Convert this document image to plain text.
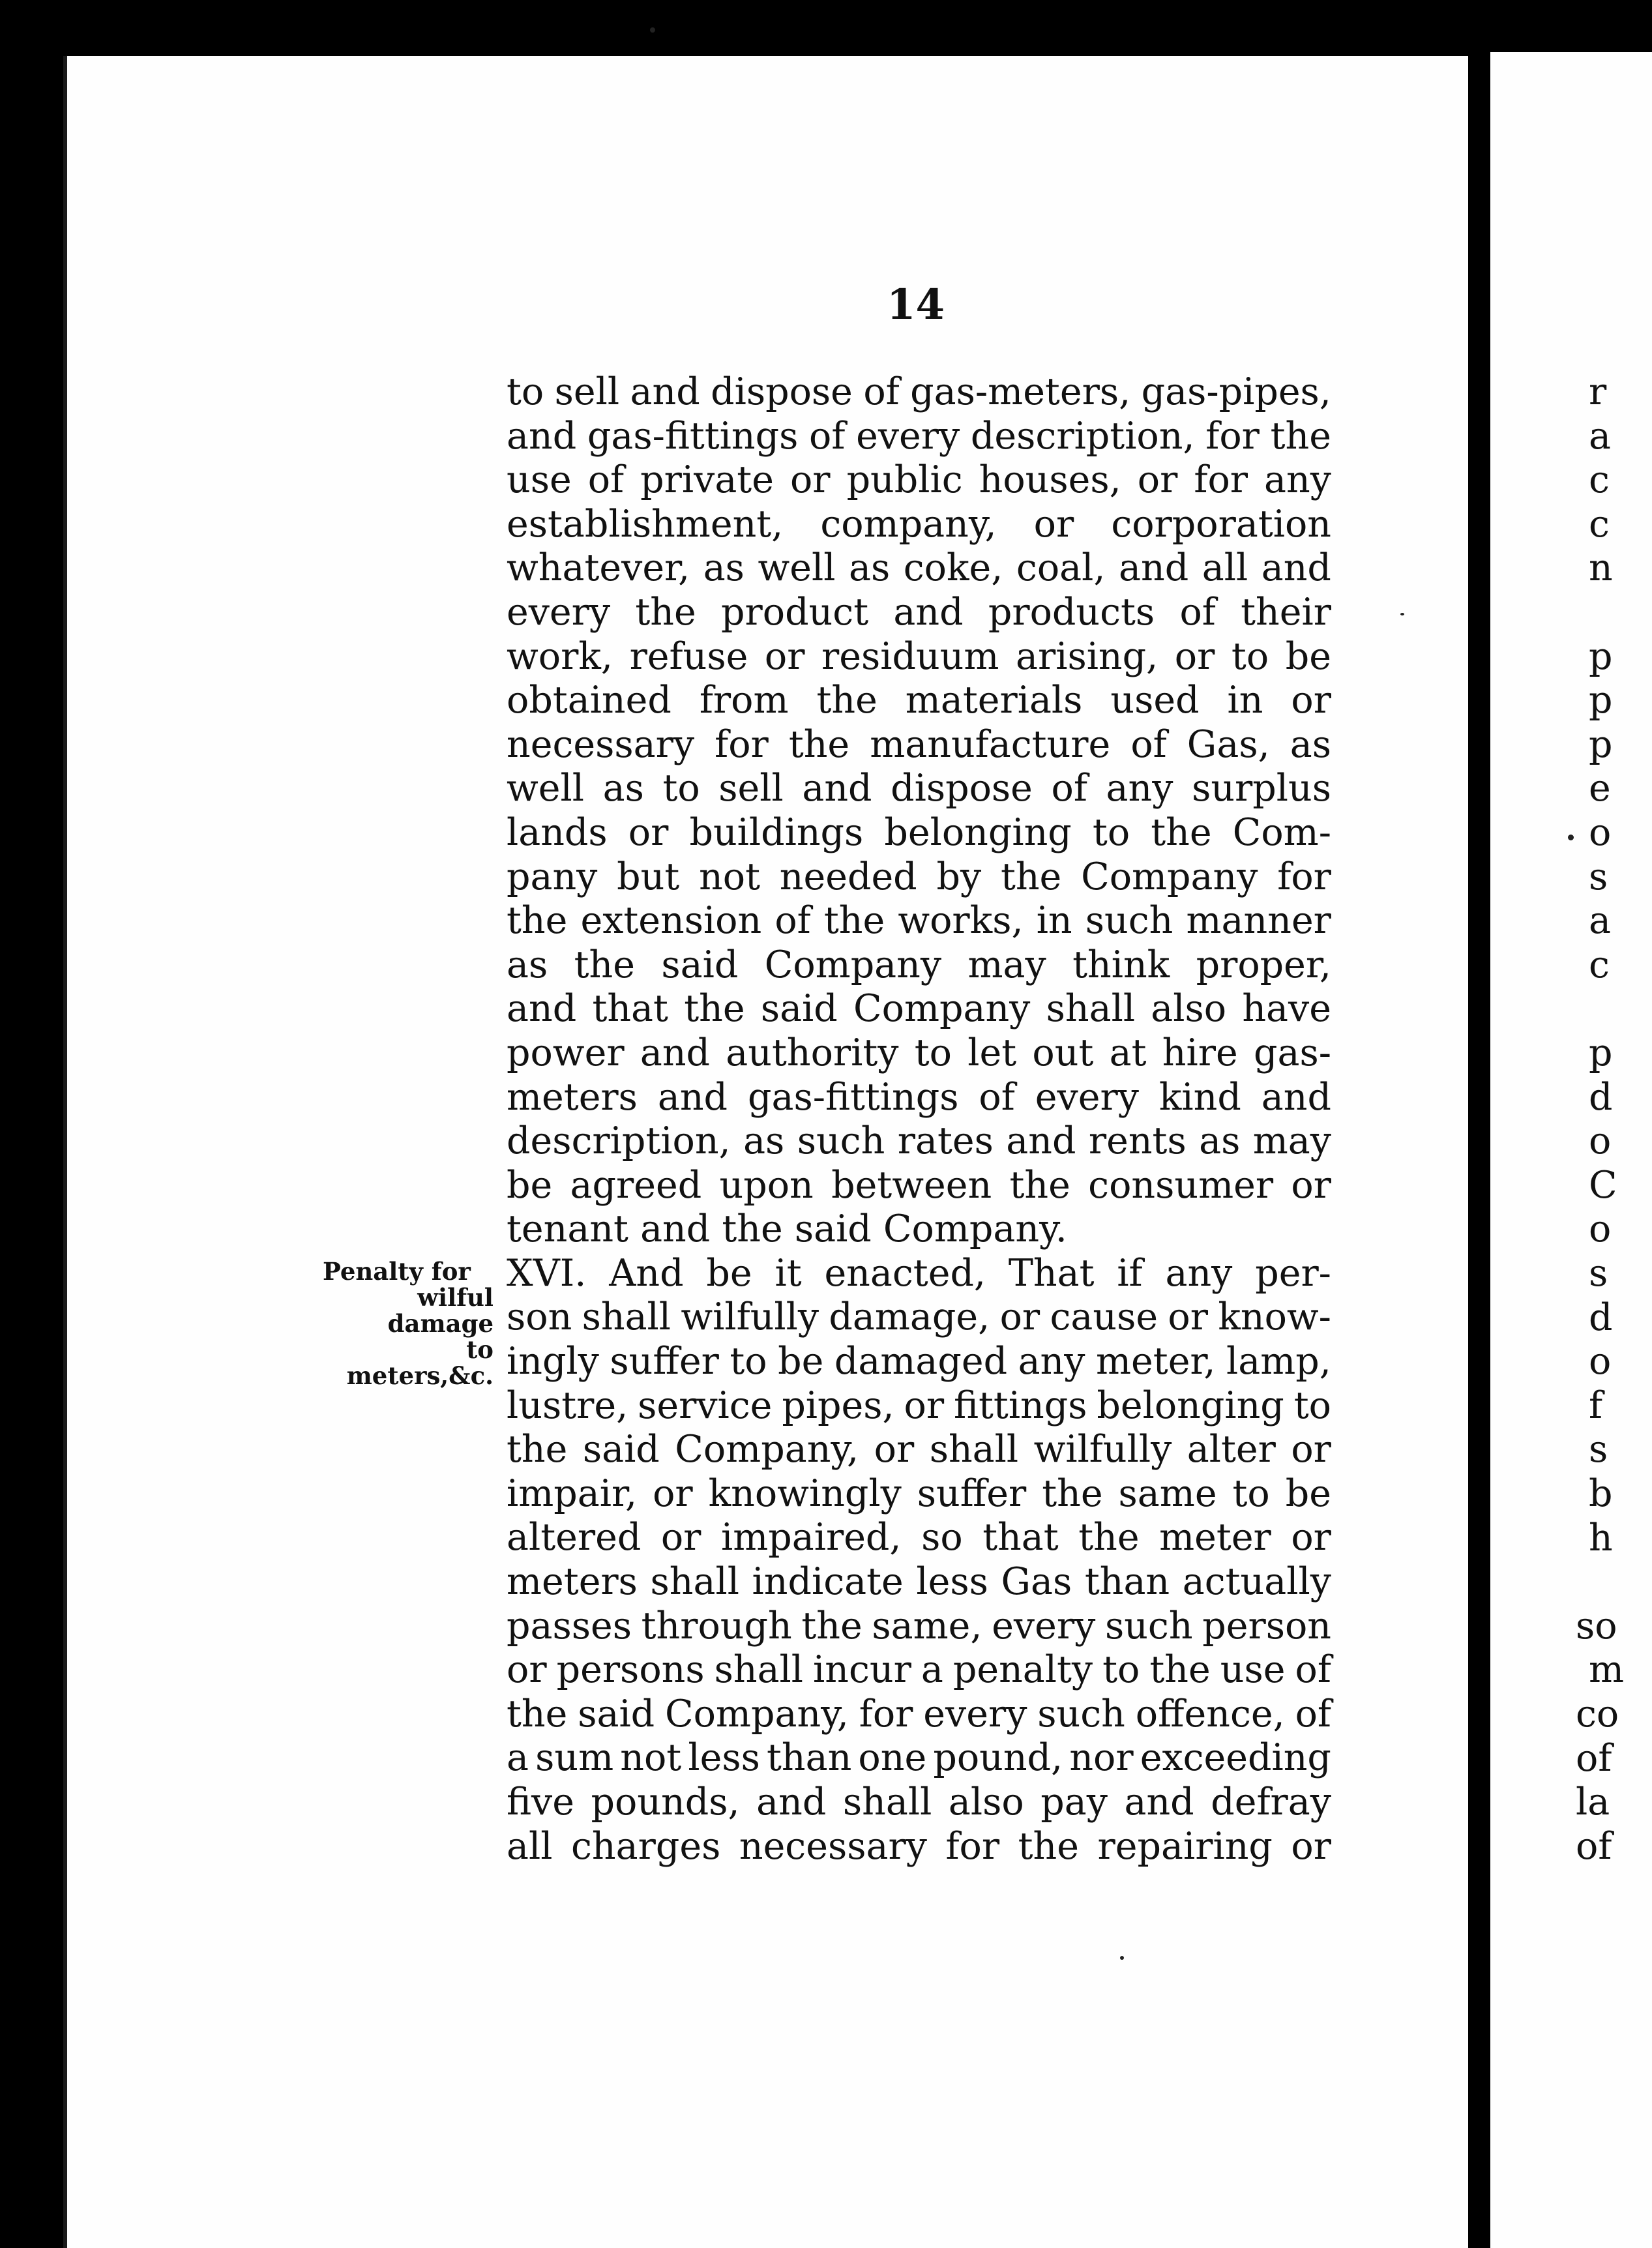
14

Penalty for
wilful damage
to meters,&c.
to sell and dispose of gas-meters, gas-pipes,
and gas-fittings of every description, for the
use of private or public houses, or for any
establishment, company, or corporation
whatever, as well as coke, coal, and all and
every the product and products of their
work, refuse or residuum arising, or to be
obtained from the materials used in or
necessary for the manufacture of Gas, as
well as to sell and dispose of any surplus
lands or buildings belonging to the Com-
pany but not needed by the Company for
the extension of the works, in such manner
as the said Company may think proper,
and that the said Company shall also have
power and authority to let out at hire gas-
meters and gas-fittings of every kind and
description, as such rates and rents as may
be agreed upon between the consumer or
tenant and the said Company.
XVI. And be it enacted, That if any per-
son shall wilfully damage, or cause or know-
ingly suffer to be damaged any meter, lamp,
lustre, service pipes, or fittings belonging to
the said Company, or shall wilfully alter or
impair, or knowingly suffer the same to be
altered or impaired, so that the meter or
meters shall indicate less Gas than actually
passes through the same, every such person
or persons shall incur a penalty to the use of
the said Company, for every such offence, of
a sum not less than one pound, nor exceeding
five pounds, and shall also pay and defray
all charges necessary for the repairing or
r
a
c
c
n
p
p
p
e
o
s
a
c
p
d
o
C
o
s
d
o
f
s
b
h
so
m
co
of
la
of
